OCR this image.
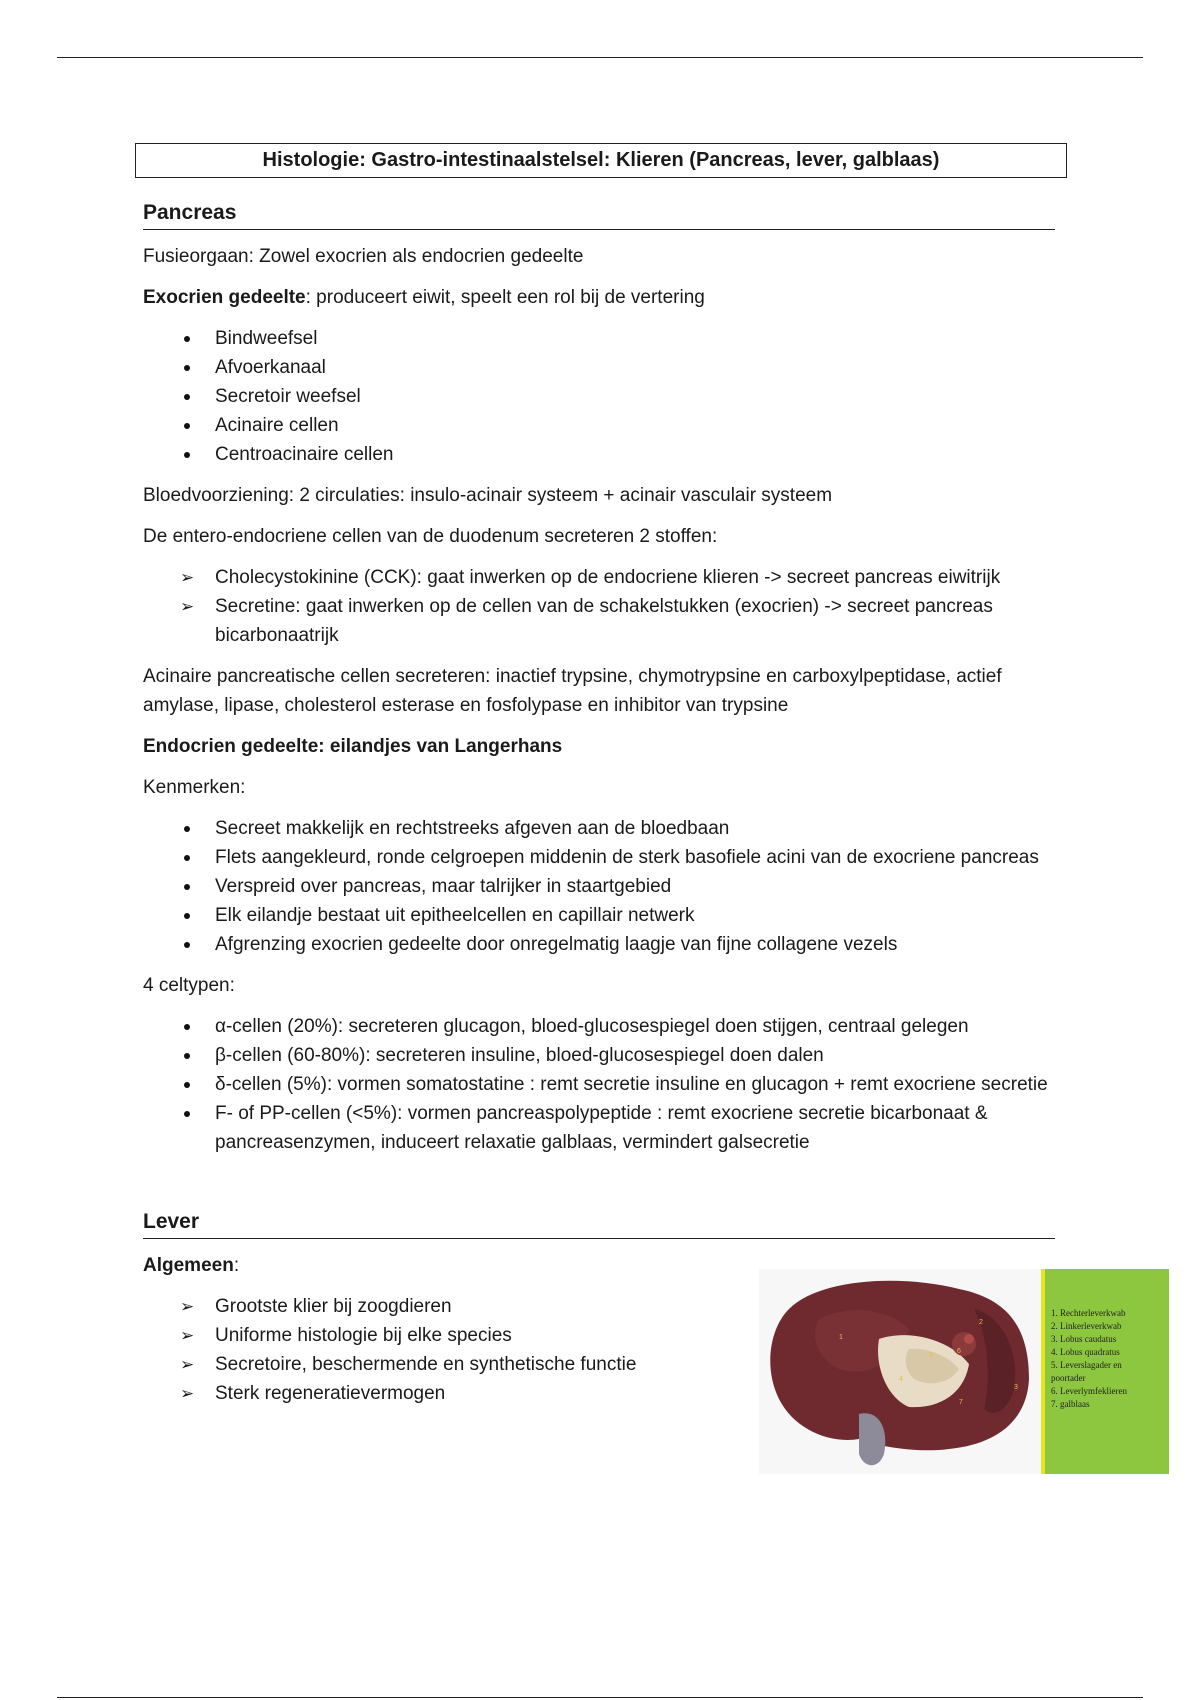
Histologie: Gastro-intestinaalstelsel: Klieren (Pancreas, lever, galblaas)
Pancreas

Fusieorgaan: Zowel exocrien als endocrien gedeelte

Exocrien gedeelte: produceert eiwit, speelt een rol bij de vertering

Bindweefsel
Afvoerkanaal
Secretoir weefsel
Acinaire cellen
Centroacinaire cellen

Bloedvoorziening: 2 circulaties: insulo-acinair systeem + acinair vasculair systeem

De entero-endocriene cellen van de duodenum secreteren 2 stoffen:

➢ Cholecystokinine (CCK): gaat inwerken op de endocriene klieren -> secreet pancreas eiwitrijk
➢ Secretine: gaat inwerken op de cellen van de schakelstukken (exocrien) -> secreet pancreas bicarbonaatrijk

Acinaire pancreatische cellen secreteren: inactief trypsine, chymotrypsine en carboxylpeptidase, actief amylase, lipase, cholesterol esterase en fosfolypase en inhibitor van trypsine

Endocrien gedeelte: eilandjes van Langerhans

Kenmerken:

Secreet makkelijk en rechtstreeks afgeven aan de bloedbaan
Flets aangekleurd, ronde celgroepen middenin de sterk basofiele acini van de exocriene pancreas
Verspreid over pancreas, maar talrijker in staartgebied
Elk eilandje bestaat uit epitheelcellen en capillair netwerk
Afgrenzing exocrien gedeelte door onregelmatig laagje van fijne collagene vezels

4 celtypen:

α-cellen (20%): secreteren glucagon, bloed-glucosespiegel doen stijgen, centraal gelegen
β-cellen (60-80%): secreteren insuline, bloed-glucosespiegel doen dalen
δ-cellen (5%): vormen somatostatine : remt secretie insuline en glucagon + remt exocriene secretie
F- of PP-cellen (<5%): vormen pancreaspolypeptide : remt exocriene secretie bicarbonaat & pancreasenzymen, induceert relaxatie galblaas, vermindert galsecretie
Lever

Algemeen:

➢ Grootste klier bij zoogdieren
➢ Uniforme histologie bij elke species
➢ Secretoire, beschermende en synthetische functie
➢ Sterk regeneratievermogen
1
2
3
4
5
6
7
1. Rechterleverkwab
2. Linkerleverkwab
3. Lobus caudatus
4. Lobus quadratus
5. Leverslagader en
poortader
6. Leverlymfeklieren
7. galblaas
